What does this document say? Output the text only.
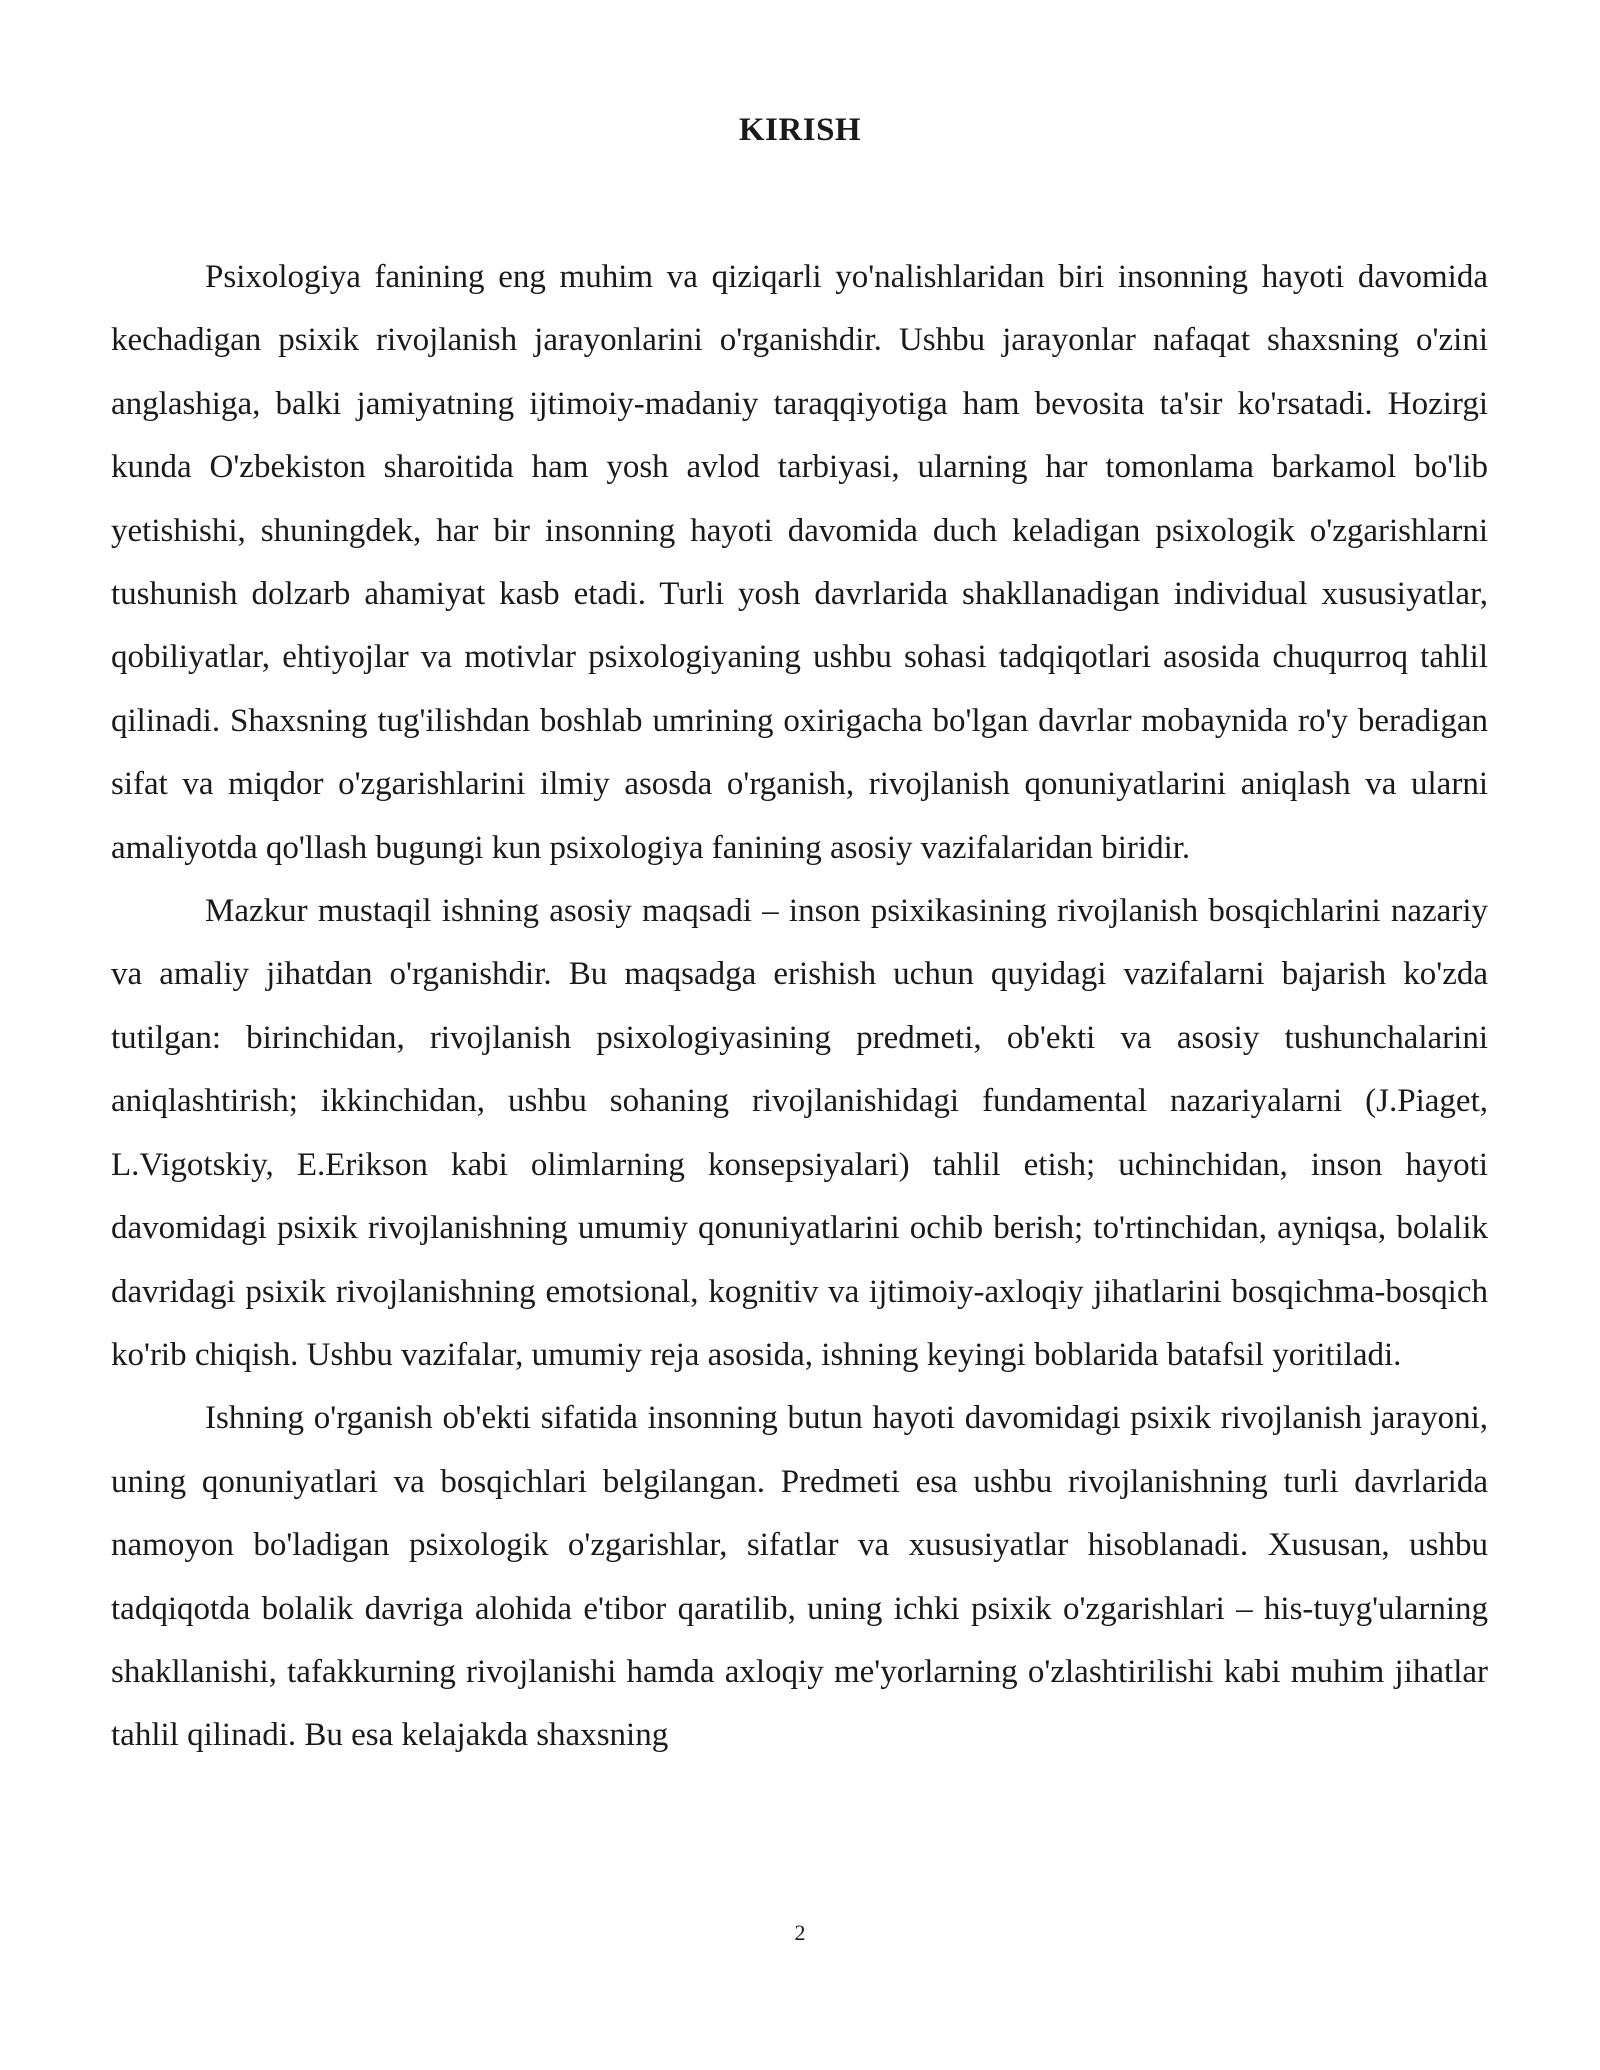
KIRISH

Psixologiya fanining eng muhim va qiziqarli yo'nalishlaridan biri insonning hayoti davomida kechadigan psixik rivojlanish jarayonlarini o'rganishdir. Ushbu jarayonlar nafaqat shaxsning o'zini anglashiga, balki jamiyatning ijtimoiy-madaniy taraqqiyotiga ham bevosita ta'sir ko'rsatadi. Hozirgi kunda O'zbekiston sharoitida ham yosh avlod tarbiyasi, ularning har tomonlama barkamol bo'lib yetishishi, shuningdek, har bir insonning hayoti davomida duch keladigan psixologik o'zgarishlarni tushunish dolzarb ahamiyat kasb etadi. Turli yosh davrlarida shakllanadigan individual xususiyatlar, qobiliyatlar, ehtiyojlar va motivlar psixologiyaning ushbu sohasi tadqiqotlari asosida chuqurroq tahlil qilinadi. Shaxsning tug'ilishdan boshlab umrining oxirigacha bo'lgan davrlar mobaynida ro'y beradigan sifat va miqdor o'zgarishlarini ilmiy asosda o'rganish, rivojlanish qonuniyatlarini aniqlash va ularni amaliyotda qo'llash bugungi kun psixologiya fanining asosiy vazifalaridan biridir.

Mazkur mustaqil ishning asosiy maqsadi – inson psixikasining rivojlanish bosqichlarini nazariy va amaliy jihatdan o'rganishdir. Bu maqsadga erishish uchun quyidagi vazifalarni bajarish ko'zda tutilgan: birinchidan, rivojlanish psixologiyasining predmeti, ob'ekti va asosiy tushunchalarini aniqlashtirish; ikkinchidan, ushbu sohaning rivojlanishidagi fundamental nazariyalarni (J.Piaget, L.Vigotskiy, E.Erikson kabi olimlarning konsepsiyalari) tahlil etish; uchinchidan, inson hayoti davomidagi psixik rivojlanishning umumiy qonuniyatlarini ochib berish; to'rtinchidan, ayniqsa, bolalik davridagi psixik rivojlanishning emotsional, kognitiv va ijtimoiy-axloqiy jihatlarini bosqichma-bosqich ko'rib chiqish. Ushbu vazifalar, umumiy reja asosida, ishning keyingi boblarida batafsil yoritiladi.

Ishning o'rganish ob'ekti sifatida insonning butun hayoti davomidagi psixik rivojlanish jarayoni, uning qonuniyatlari va bosqichlari belgilangan. Predmeti esa ushbu rivojlanishning turli davrlarida namoyon bo'ladigan psixologik o'zgarishlar, sifatlar va xususiyatlar hisoblanadi. Xususan, ushbu tadqiqotda bolalik davriga alohida e'tibor qaratilib, uning ichki psixik o'zgarishlari – his-tuyg'ularning shakllanishi, tafakkurning rivojlanishi hamda axloqiy me'yorlarning o'zlashtirilishi kabi muhim jihatlar tahlil qilinadi. Bu esa kelajakda shaxsning

2
